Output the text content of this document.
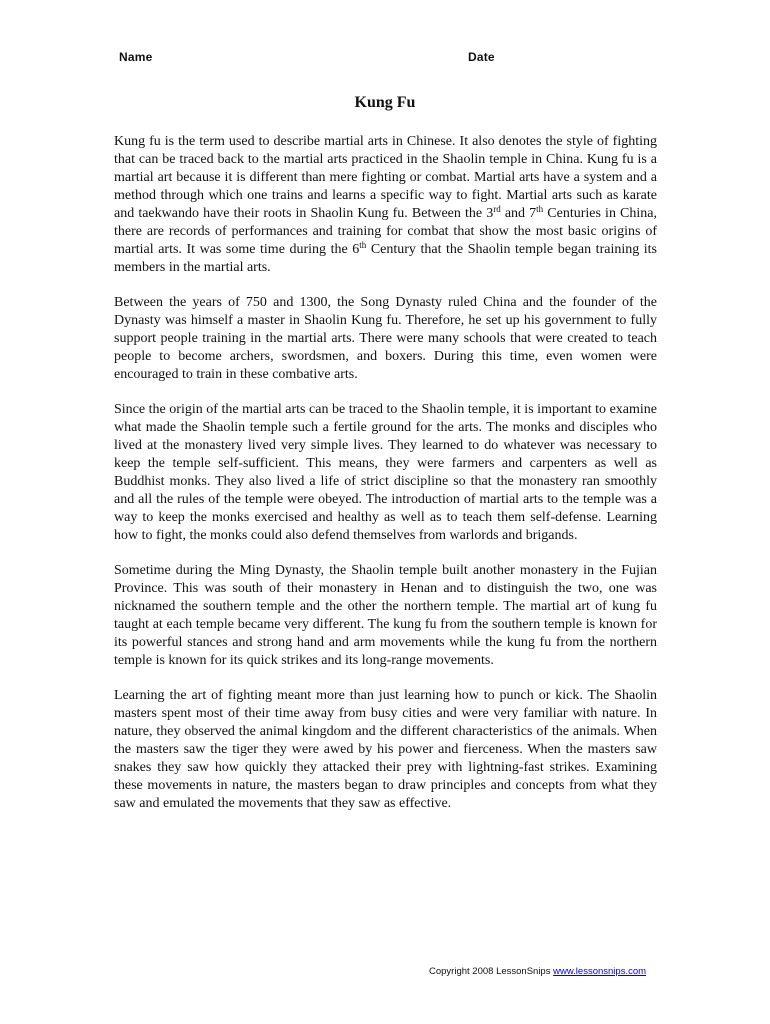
Name	Date
Kung Fu

Kung fu is the term used to describe martial arts in Chinese. It also denotes the style of fighting that can be traced back to the martial arts practiced in the Shaolin temple in China. Kung fu is a martial art because it is different than mere fighting or combat. Martial arts have a system and a method through which one trains and learns a specific way to fight. Martial arts such as karate and taekwando have their roots in Shaolin Kung fu. Between the 3rd and 7th Centuries in China, there are records of performances and training for combat that show the most basic origins of martial arts. It was some time during the 6th Century that the Shaolin temple began training its members in the martial arts.

Between the years of 750 and 1300, the Song Dynasty ruled China and the founder of the Dynasty was himself a master in Shaolin Kung fu. Therefore, he set up his government to fully support people training in the martial arts. There were many schools that were created to teach people to become archers, swordsmen, and boxers. During this time, even women were encouraged to train in these combative arts.

Since the origin of the martial arts can be traced to the Shaolin temple, it is important to examine what made the Shaolin temple such a fertile ground for the arts. The monks and disciples who lived at the monastery lived very simple lives. They learned to do whatever was necessary to keep the temple self-sufficient. This means, they were farmers and carpenters as well as Buddhist monks. They also lived a life of strict discipline so that the monastery ran smoothly and all the rules of the temple were obeyed. The introduction of martial arts to the temple was a way to keep the monks exercised and healthy as well as to teach them self-defense. Learning how to fight, the monks could also defend themselves from warlords and brigands.

Sometime during the Ming Dynasty, the Shaolin temple built another monastery in the Fujian Province. This was south of their monastery in Henan and to distinguish the two, one was nicknamed the southern temple and the other the northern temple. The martial art of kung fu taught at each temple became very different. The kung fu from the southern temple is known for its powerful stances and strong hand and arm movements while the kung fu from the northern temple is known for its quick strikes and its long-range movements.

Learning the art of fighting meant more than just learning how to punch or kick. The Shaolin masters spent most of their time away from busy cities and were very familiar with nature. In nature, they observed the animal kingdom and the different characteristics of the animals. When the masters saw the tiger they were awed by his power and fierceness. When the masters saw snakes they saw how quickly they attacked their prey with lightning-fast strikes. Examining these movements in nature, the masters began to draw principles and concepts from what they saw and emulated the movements that they saw as effective.

Copyright 2008 LessonSnips www.lessonsnips.com
